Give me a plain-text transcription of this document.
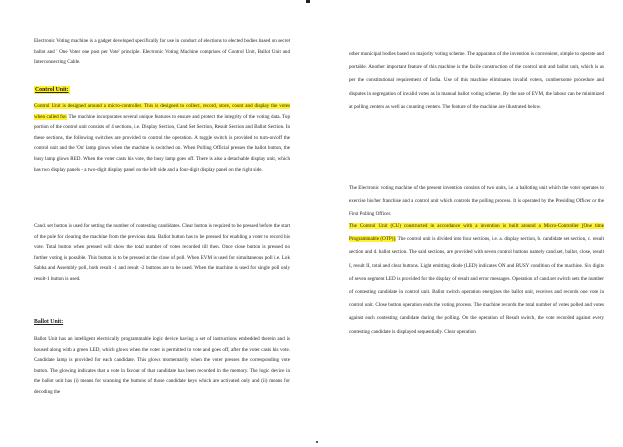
Electronic Voting machine is a gadget developed specifically for use in conduct of elections to elected bodies based on secret ballot and ' One Voter one post per Vote' principle. Electronic Voting Machine comprises of Control Unit, Ballot Unit and Interconnecting Cable.

Control Unit:

Control Unit is designed around a micro-controller. This is designed to collect, record, store, count and display the votes when called for. The machine incorporates several unique features to ensure and protect the integrity of the voting data. Top portion of the control unit consists of 4 sections, i.e. Display Section, Cand Set Section, Result Section and Ballot Section. In these sections, the following switches are provided to control the operation. A toggle switch is provided to turn-on/off the control unit and the 'On' lamp glows when the machine is switched on. When Polling Official presses the ballot button, the busy lamp glows RED. When the voter casts his vote, the busy lamp goes off. There is also a detachable display unit, which has two display panels - a two-digit display panel on the left side and a four-digit display panel on the right side.

Cand. set button is used for setting the number of contesting candidates. Clear button is required to be pressed before the start of the pole for clearing the machine from the previous data. Ballot button has to be pressed for enabling a voter to record his vote. Total button when pressed will show the total number of votes recorded till then. Once close button is pressed no further voting is possible. This button is to be pressed at the close of poll. When EVM is used for simultaneous poll i.e. Lok Sabha and Assembly poll, both result -1 and result -2 buttons are to be used. When the machine is used for single poll only result-1 button is used.

Ballot Unit:

Ballot Unit has an intelligent electrically programmable logic device having a set of instructions embedded therein and is housed along with a green LED, which glows when the voter is permitted to vote and goes off, after the voter casts his vote. Candidate lamp is provided for each candidate. This glows momentarily when the voter presses the corresponding vote button. The glowing indicates that a vote in favour of that candidate has been recorded in the memory. The logic device in the ballot unit has (i) means for scanning the buttons of those candidate keys which are activated only and (ii) means for decoding the

other municipal bodies based on majority voting scheme. The apparatus of the invention is convenient, simple to operate and portable. Another important feature of this machine is the facile construction of the control unit and ballot unit, which is as per the constitutional requirement of India. Use of this machine eliminates invalid voters, cumbersome procedure and disputes in segregation of invalid votes as in manual ballot voting scheme. By the use of EVM, the labour can be minimized at polling centers as well as counting centers. The feature of the machine are illustrated below.

The Electronic voting machine of the present invention consists of two units, i.e. a balloting unit which the voter operates to exercise his/her franchise and a control unit which controls the polling process. It is operated by the Presiding Officer or the First Polling Officer.

The Control Unit (CU) constructed in accordance with a invention is built around a Micro-Controller [One time Programmable (OTP)]. The control unit is divided into four sections, i.e. a. display section, b. candidate set section, c. result section and d. ballot section. The said sections, are provided with seven control buttons namely cand.set, ballot, close, result I, result II, total and clear buttons. Light emitting diode (LED) indicates ON and BUSY condition of the machine. Six digits of seven segment LED is provided for the display of result and error messages. Operation of cand.set switch sets the number of contesting candidate in control unit. Ballot switch operation energizes the ballot unit, receives and records one vote in control unit. Close button operation ends the voting process. The machine records the total number of votes polled and votes against each contesting candidate during the polling. On the operation of Result switch, the vote recorded against every contesting candidate is displayed sequentially. Clear operation
